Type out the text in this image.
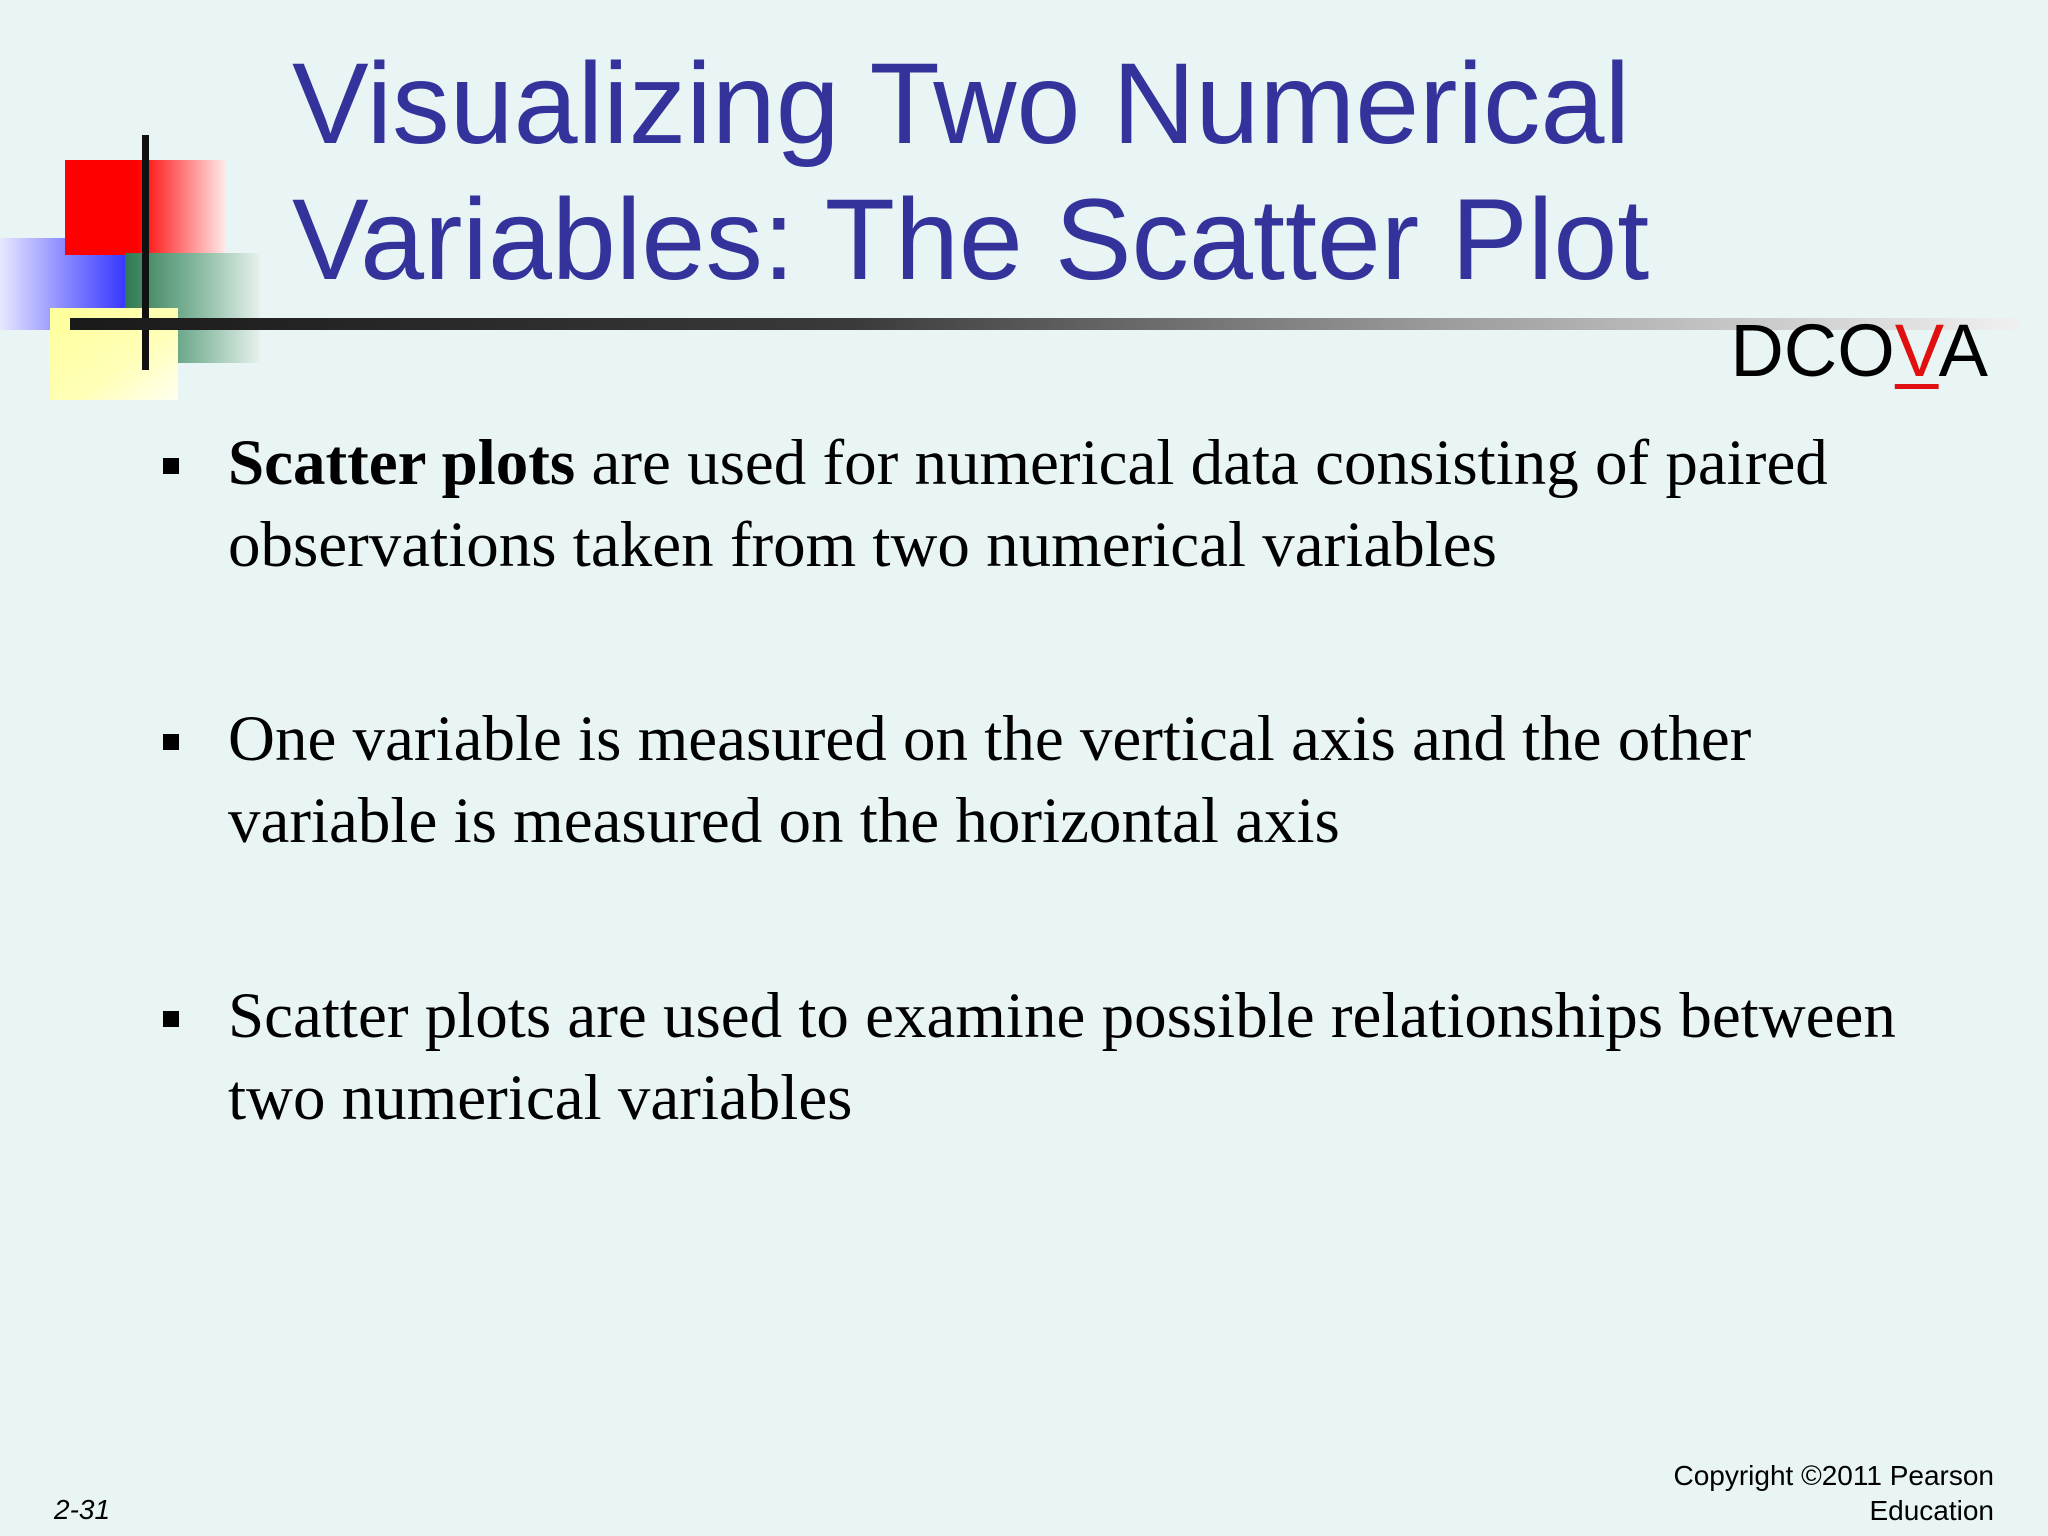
Visualizing Two Numerical
Variables: The Scatter Plot
DCOVA
Scatter plots are used for numerical data consisting of paired observations taken from two numerical variables
One variable is measured on the vertical axis and the other variable is measured on the horizontal axis
Scatter plots are used to examine possible relationships between two numerical variables
2-31
Copyright ©2011 Pearson
Education
